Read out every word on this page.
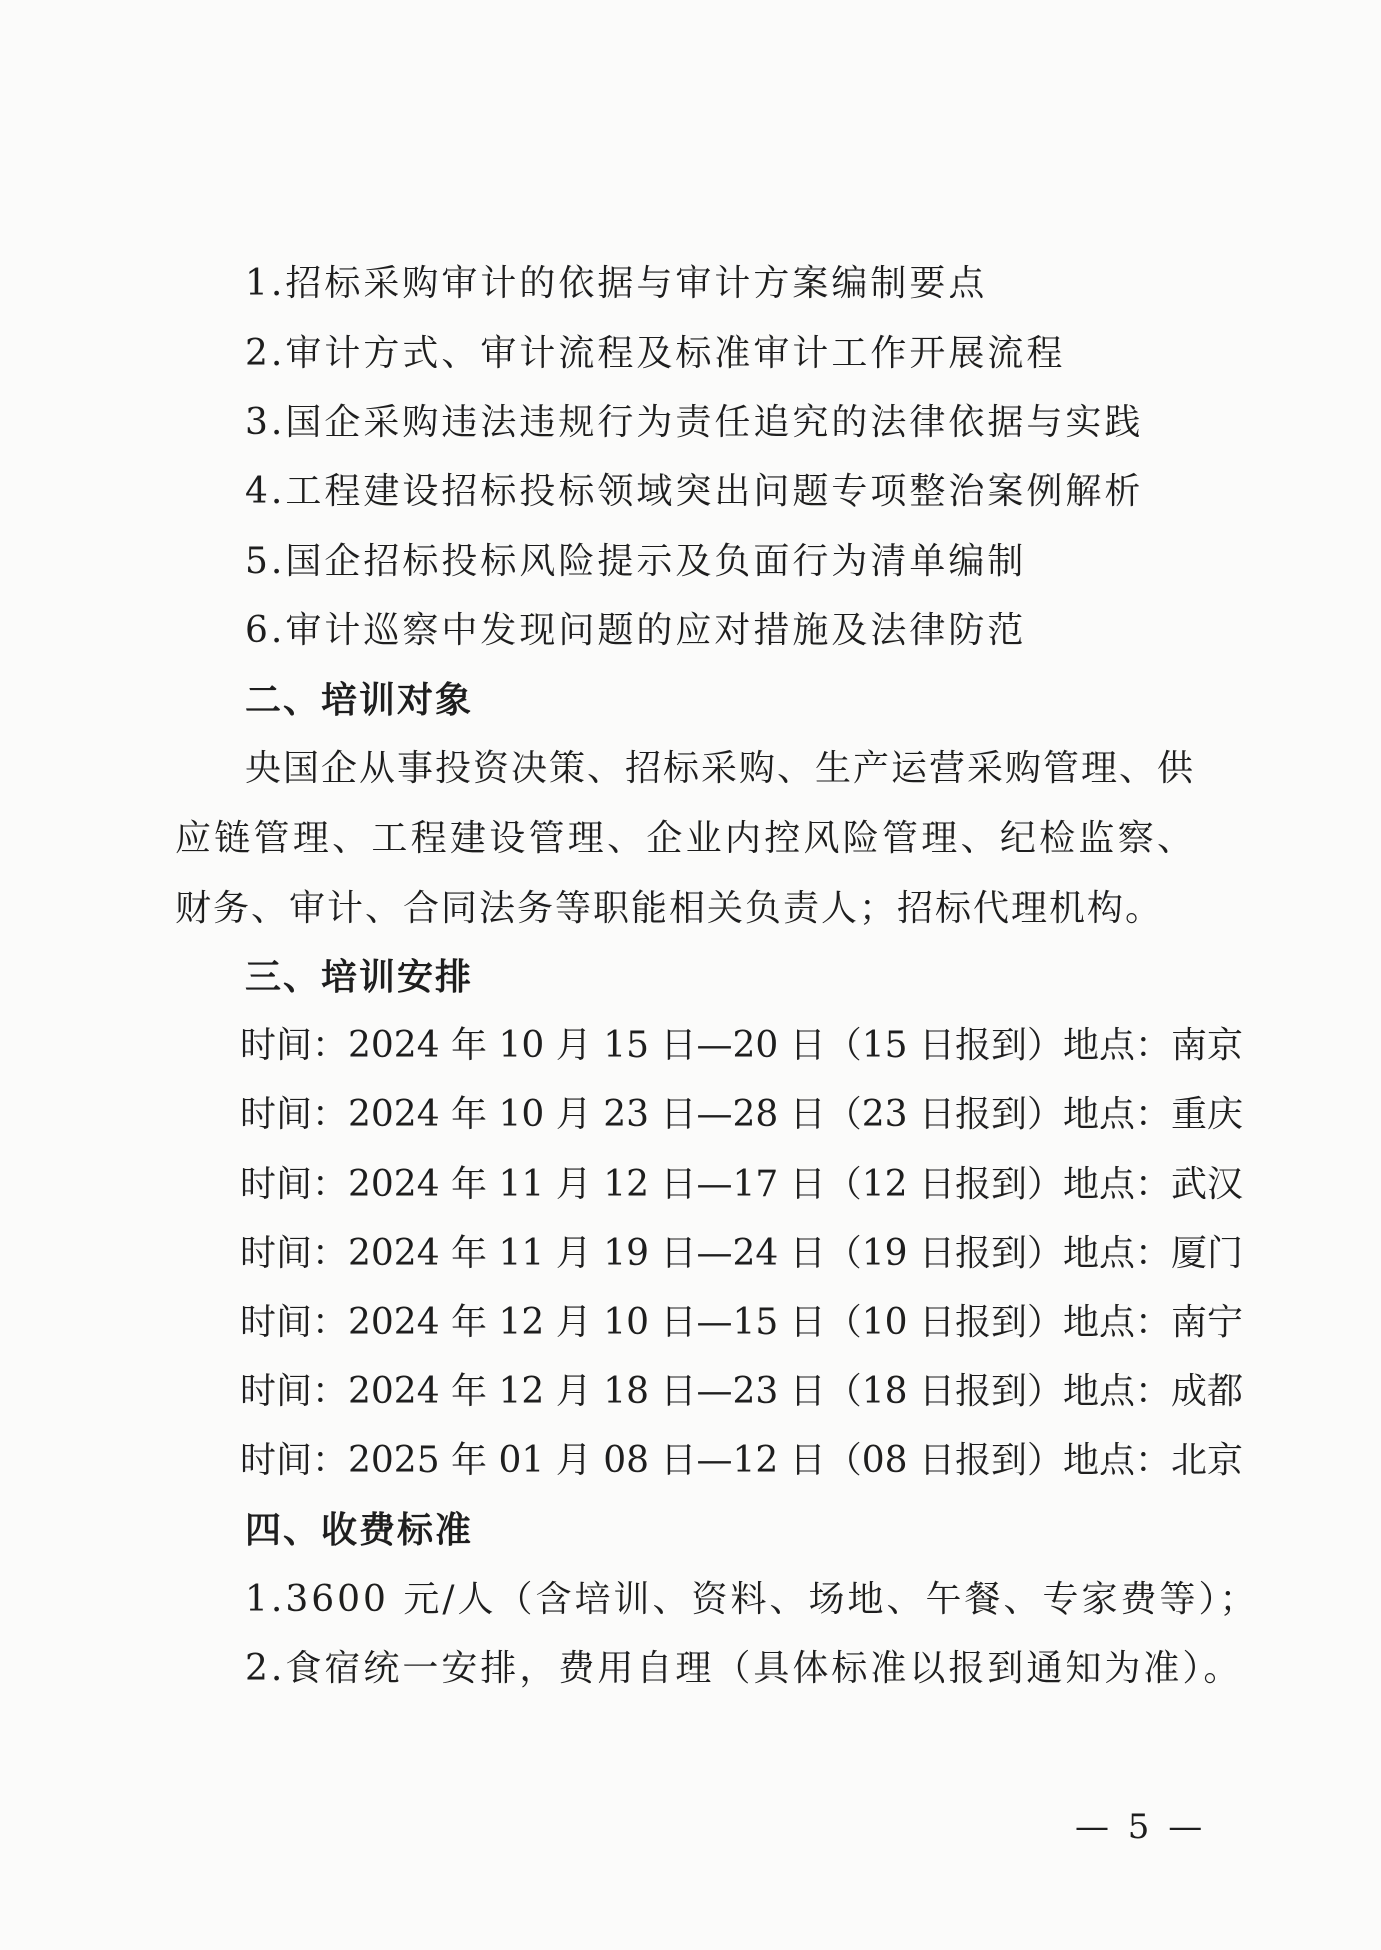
1.招标采购审计的依据与审计方案编制要点
2.审计方式、审计流程及标准审计工作开展流程
3.国企采购违法违规行为责任追究的法律依据与实践
4.工程建设招标投标领域突出问题专项整治案例解析
5.国企招标投标风险提示及负面行为清单编制
6.审计巡察中发现问题的应对措施及法律防范
二、培训对象
央国企从事投资决策、招标采购、生产运营采购管理、供应链管理、工程建设管理、企业内控风险管理、纪检监察、财务、审计、合同法务等职能相关负责人；招标代理机构。
三、培训安排
时间：2024 年 10 月 15 日—20 日（15 日报到） 地点：南京
时间：2024 年 10 月 23 日—28 日（23 日报到） 地点：重庆
时间：2024 年 11 月 12 日—17 日（12 日报到） 地点：武汉
时间：2024 年 11 月 19 日—24 日（19 日报到） 地点：厦门
时间：2024 年 12 月 10 日—15 日（10 日报到） 地点：南宁
时间：2024 年 12 月 18 日—23 日（18 日报到） 地点：成都
时间：2025 年 01 月 08 日—12 日（08 日报到） 地点：北京
四、收费标准
1.3600 元/人（含培训、资料、场地、午餐、专家费等）；
2.食宿统一安排，费用自理（具体标准以报到通知为准）。
— 5 —
